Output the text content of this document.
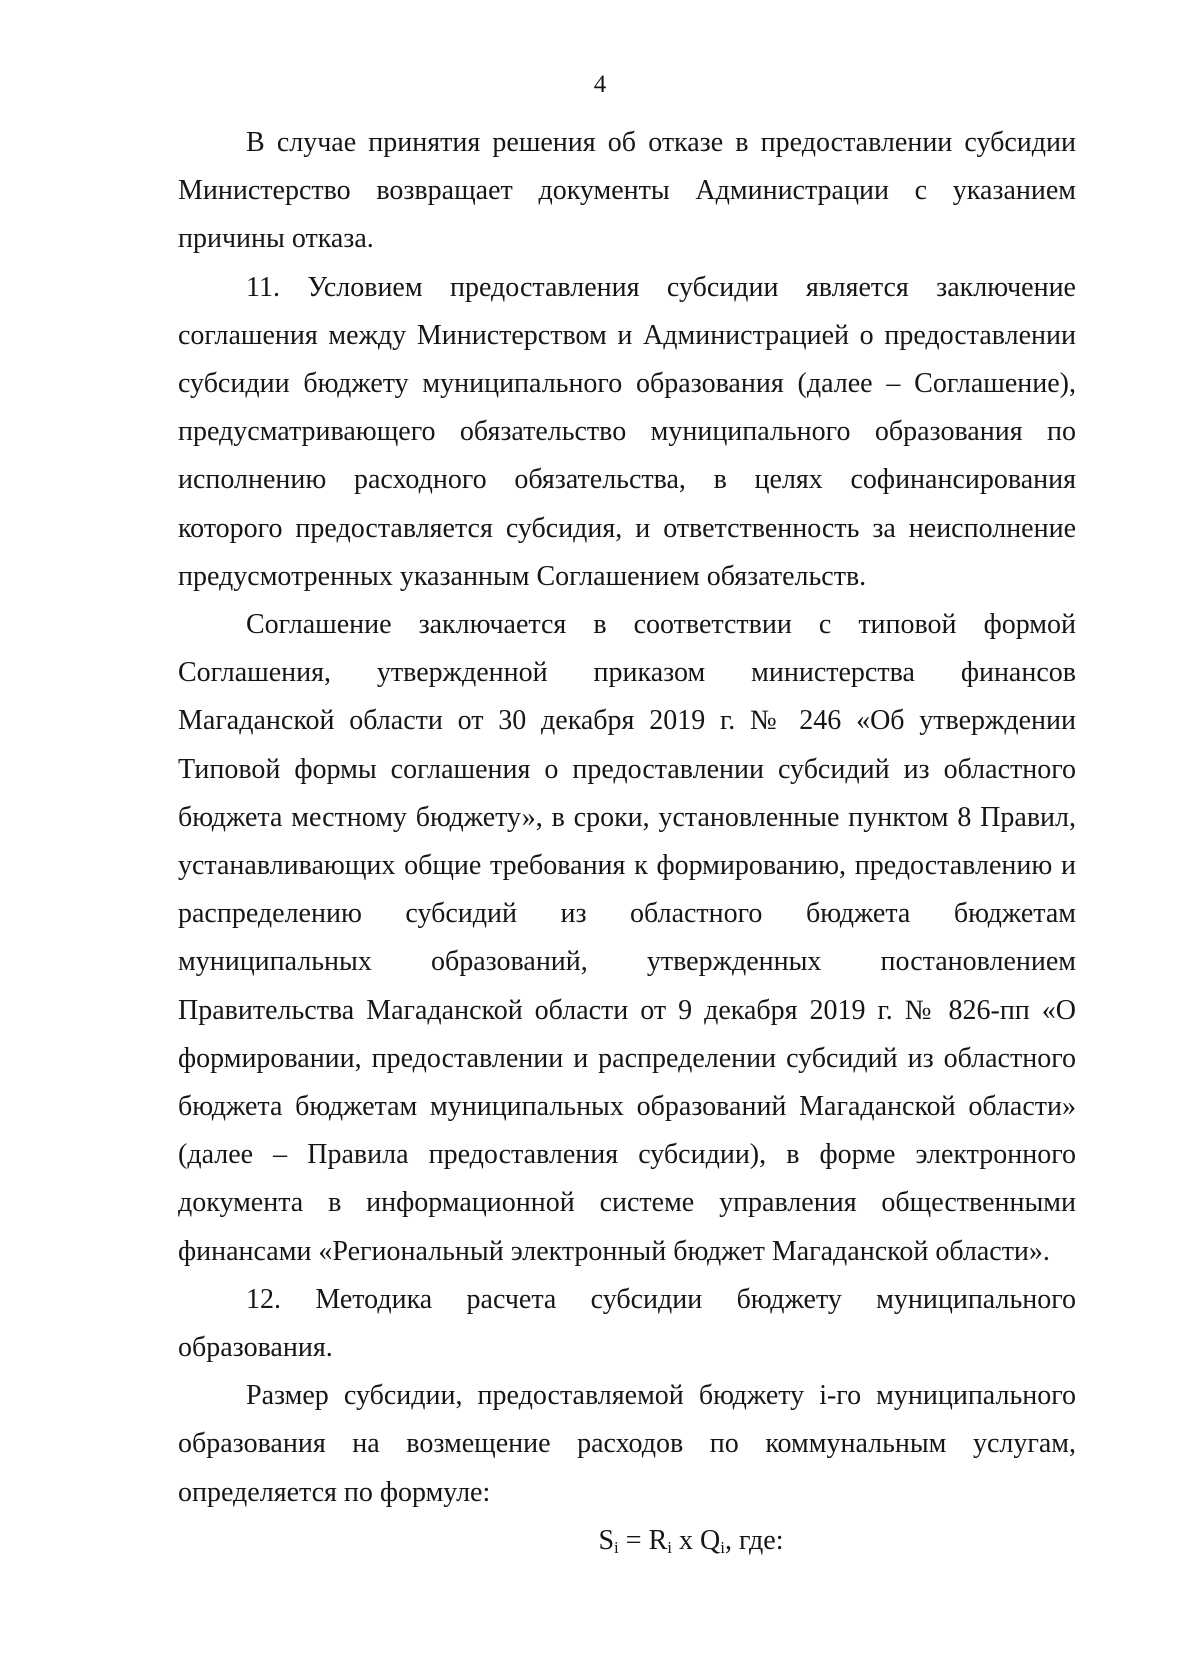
4

В случае принятия решения об отказе в предоставлении субсидии Министерство возвращает документы Администрации с указанием причины отказа.

11. Условием предоставления субсидии является заключение соглашения между Министерством и Администрацией о предоставлении субсидии бюджету муниципального образования (далее – Соглашение), предусматривающего обязательство муниципального образования по исполнению расходного обязательства, в целях софинансирования которого предоставляется субсидия, и ответственность за неисполнение предусмотренных указанным Соглашением обязательств.

Соглашение заключается в соответствии с типовой формой Соглашения, утвержденной приказом министерства финансов Магаданской области от 30 декабря 2019 г. № 246 «Об утверждении Типовой формы соглашения о предоставлении субсидий из областного бюджета местному бюджету», в сроки, установленные пунктом 8 Правил, устанавливающих общие требования к формированию, предоставлению и распределению субсидий из областного бюджета бюджетам муниципальных образований, утвержденных постановлением Правительства Магаданской области от 9 декабря 2019 г. № 826-пп «О формировании, предоставлении и распределении субсидий из областного бюджета бюджетам муниципальных образований Магаданской области» (далее – Правила предоставления субсидии), в форме электронного документа в информационной системе управления общественными финансами «Региональный электронный бюджет Магаданской области».

12. Методика расчета субсидии бюджету муниципального образования.

Размер субсидии, предоставляемой бюджету i-го муниципального образования на возмещение расходов по коммунальным услугам, определяется по формуле:

$S_i = R_i$ x $Q_i$, где:
